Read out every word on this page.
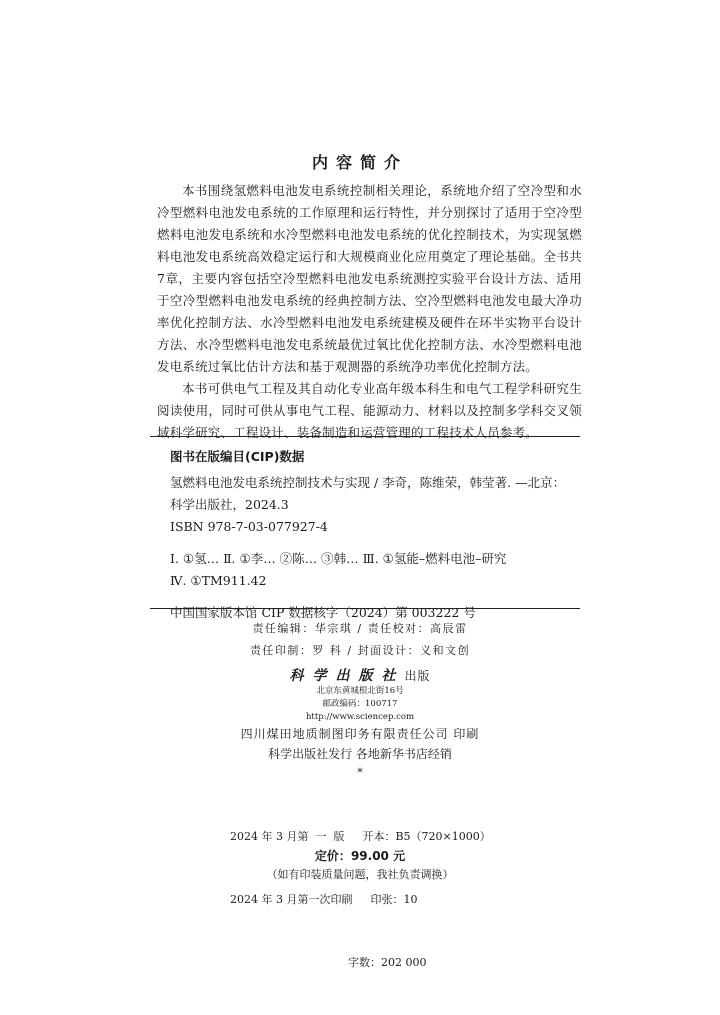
内容简介

本书围绕氢燃料电池发电系统控制相关理论，系统地介绍了空冷型和水冷型燃料电池发电系统的工作原理和运行特性，并分别探讨了适用于空冷型燃料电池发电系统和水冷型燃料电池发电系统的优化控制技术，为实现氢燃料电池发电系统高效稳定运行和大规模商业化应用奠定了理论基础。全书共7章，主要内容包括空冷型燃料电池发电系统测控实验平台设计方法、适用于空冷型燃料电池发电系统的经典控制方法、空冷型燃料电池发电最大净功率优化控制方法、水冷型燃料电池发电系统建模及硬件在环半实物平台设计方法、水冷型燃料电池发电系统最优过氧比优化控制方法、水冷型燃料电池发电系统过氧比估计方法和基于观测器的系统净功率优化控制方法。

本书可供电气工程及其自动化专业高年级本科生和电气工程学科研究生阅读使用，同时可供从事电气工程、能源动力、材料以及控制多学科交叉领域科学研究、工程设计、装备制造和运营管理的工程技术人员参考。

图书在版编目(CIP)数据
氢燃料电池发电系统控制技术与实现 / 李奇，陈维荣，韩莹著. —北京：
科学出版社，2024.3
ISBN 978-7-03-077927-4
Ⅰ. ①氢… Ⅱ. ①李… ②陈… ③韩… Ⅲ. ①氢能–燃料电池–研究
Ⅳ. ①TM911.42
中国国家版本馆 CIP 数据核字（2024）第 003222 号
责任编辑：华宗琪 / 责任校对：高辰雷
责任印制：罗 科 / 封面设计：义和文创
科学出版社出版
北京东黄城根北街16号
邮政编码：100717
http://www.sciencep.com
四川煤田地质制图印务有限责任公司 印刷
科学出版社发行 各地新华书店经销
*

2024 年 3 月第  一  版 开本：B5（720×1000）

2024 年 3 月第一次印刷 印张：10

字数：202 000

定价：99.00 元
（如有印装质量问题，我社负责调换）
